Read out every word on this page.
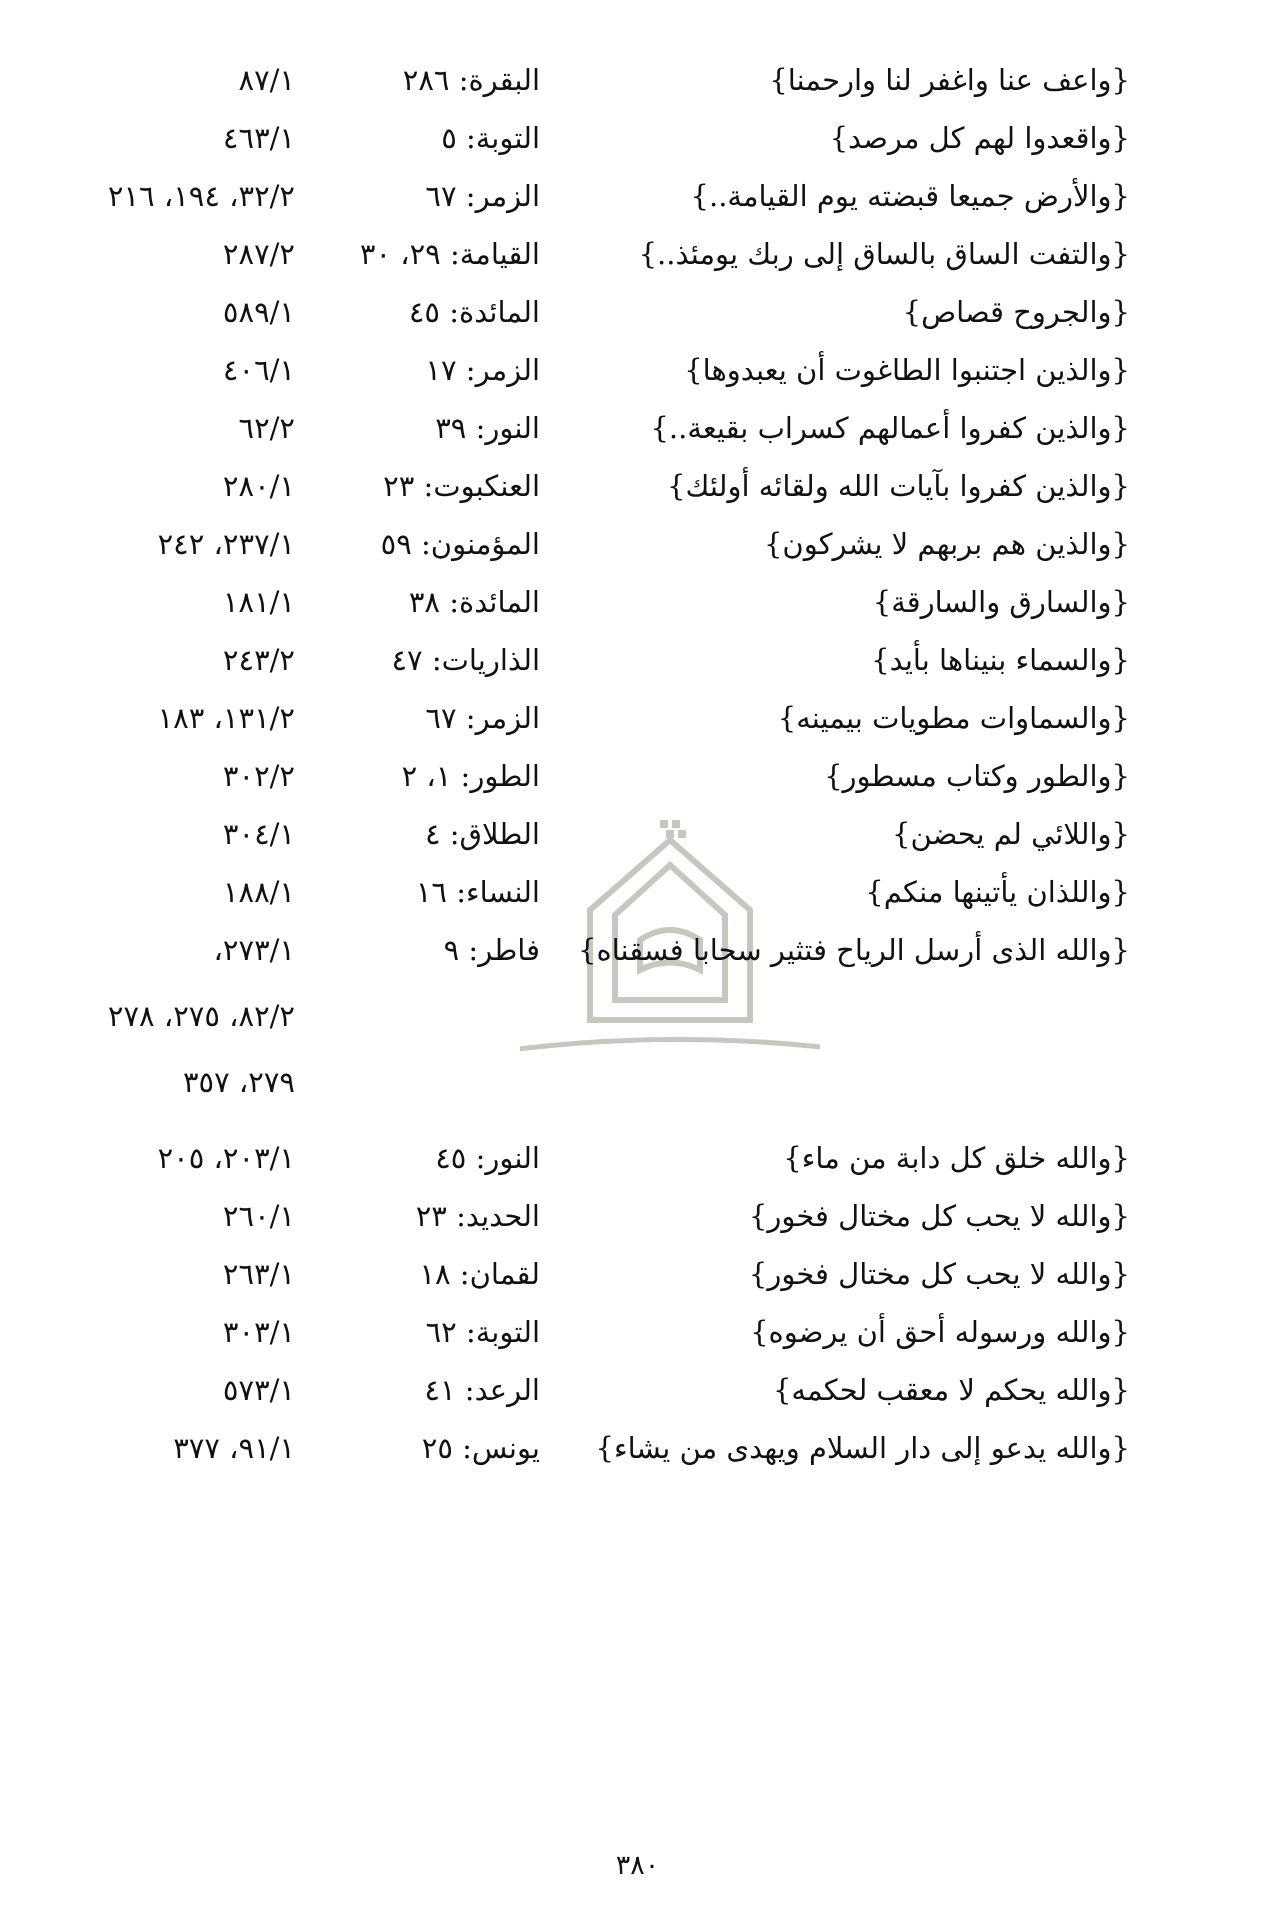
{ واعف عنا واغفر لنا وارحمنا }
البقرة: ٢٨٦
٨٧/١
{ واقعدوا لهم كل مرصد }
التوبة: ٥
٤٦٣/١
{ والأرض جميعا قبضته يوم القيامة.. }
الزمر: ٦٧
٣٢/٢، ١٩٤، ٢١٦
{ والتفت الساق بالساق إلى ربك يومئذ.. }
القيامة: ٢٩، ٣٠
٢٨٧/٢
{ والجروح قصاص }
المائدة: ٤٥
٥٨٩/١
{ والذين اجتنبوا الطاغوت أن يعبدوها }
الزمر: ١٧
٤٠٦/١
{ والذين كفروا أعمالهم كسراب بقيعة.. }
النور: ٣٩
٦٢/٢
{ والذين كفروا بآيات الله ولقائه أولئك }
العنكبوت: ٢٣
٢٨٠/١
{ والذين هم بربهم لا يشركون }
المؤمنون: ٥٩
٢٣٧/١، ٢٤٢
{ والسارق والسارقة }
المائدة: ٣٨
١٨١/١
{ والسماء بنيناها بأيد }
الذاريات: ٤٧
٢٤٣/٢
{ والسماوات مطويات بيمينه }
الزمر: ٦٧
١٣١/٢، ١٨٣
{ والطور وكتاب مسطور }
الطور: ١، ٢
٣٠٢/٢
{ واللائي لم يحضن }
الطلاق: ٤
٣٠٤/١
{ واللذان يأتينها منكم }
النساء: ١٦
١٨٨/١
{ والله الذى أرسل الرياح فتثير سحابا فسقناه }
فاطر: ٩
٢٧٣/١،
٨٢/٢، ٢٧٥، ٢٧٨
٢٧٩، ٣٥٧
{ والله خلق كل دابة من ماء }
النور: ٤٥
٢٠٣/١، ٢٠٥
{ والله لا يحب كل مختال فخور }
الحديد: ٢٣
٢٦٠/١
{ والله لا يحب كل مختال فخور }
لقمان: ١٨
٢٦٣/١
{ والله ورسوله أحق أن يرضوه }
التوبة: ٦٢
٣٠٣/١
{ والله يحكم لا معقب لحكمه }
الرعد: ٤١
٥٧٣/١
{ والله يدعو إلى دار السلام ويهدى من يشاء }
يونس: ٢٥
٩١/١، ٣٧٧
٣٨٠
